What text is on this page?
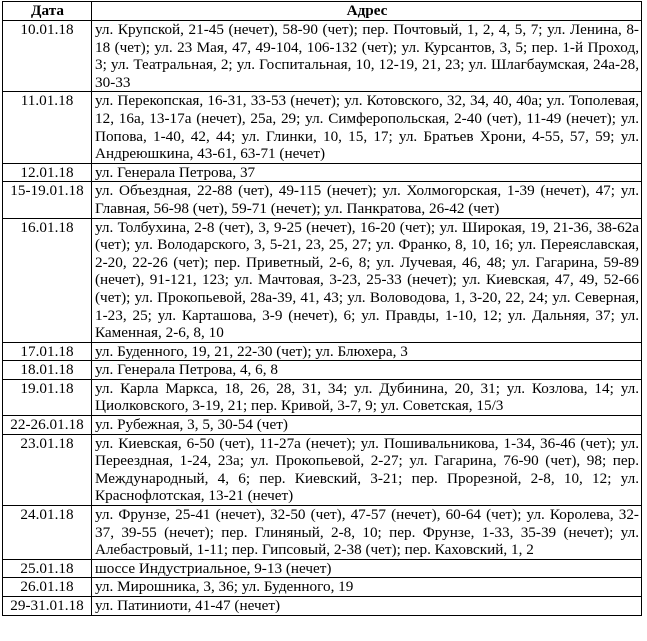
Дата	Адрес
10.01.18	ул. Крупской, 21-45 (нечет), 58-90 (чет); пер. Почтовый, 1, 2, 4, 5, 7; ул. Ленина, 8-18 (чет); ул. 23 Мая, 47, 49-104, 106-132 (чет); ул. Курсантов, 3, 5; пер. 1-й Проход, 3; ул. Театральная, 2; ул. Госпитальная, 10, 12-19, 21, 23; ул. Шлагбаумская, 24а-28, 30-33
11.01.18	ул. Перекопская, 16-31, 33-53 (нечет); ул. Котовского, 32, 34, 40, 40а; ул. Тополевая, 12, 16а, 13-17а (нечет), 25а, 29; ул. Симферопольская, 2-40 (чет), 11-49 (нечет); ул. Попова, 1-40, 42, 44; ул. Глинки, 10, 15, 17; ул. Братьев Хрони, 4-55, 57, 59; ул. Андреюшкина, 43-61, 63-71 (нечет)
12.01.18	ул. Генерала Петрова, 37
15-19.01.18	ул. Объездная, 22-88 (чет), 49-115 (нечет); ул. Холмогорская, 1-39 (нечет), 47; ул. Главная, 56-98 (чет), 59-71 (нечет); ул. Панкратова, 26-42 (чет)
16.01.18	ул. Толбухина, 2-8 (чет), 3, 9-25 (нечет), 16-20 (чет); ул. Широкая, 19, 21-36, 38-62а (чет); ул. Володарского, 3, 5-21, 23, 25, 27; ул. Франко, 8, 10, 16; ул. Переяславская, 2-20, 22-26 (чет); пер. Приветный, 2-6, 8; ул. Лучевая, 46, 48; ул. Гагарина, 59-89 (нечет), 91-121, 123; ул. Мачтовая, 3-23, 25-33 (нечет); ул. Киевская, 47, 49, 52-66 (чет); ул. Прокопьевой, 28а-39, 41, 43; ул. Воловодова, 1, 3-20, 22, 24; ул. Северная, 1-23, 25; ул. Карташова, 3-9 (нечет), 6; ул. Правды, 1-10, 12; ул. Дальняя, 37; ул. Каменная, 2-6, 8, 10
17.01.18	ул. Буденного, 19, 21, 22-30 (чет); ул. Блюхера, 3
18.01.18	ул. Генерала Петрова, 4, 6, 8
19.01.18	ул. Карла Маркса, 18, 26, 28, 31, 34; ул. Дубинина, 20, 31; ул. Козлова, 14; ул. Циолковского, 3-19, 21; пер. Кривой, 3-7, 9; ул. Советская, 15/3
22-26.01.18	ул. Рубежная, 3, 5, 30-54 (чет)
23.01.18	ул. Киевская, 6-50 (чет), 11-27а (нечет); ул. Пошивальникова, 1-34, 36-46 (чет); ул. Переездная, 1-24, 23а; ул. Прокопьевой, 2-27; ул. Гагарина, 76-90 (чет), 98; пер. Международный, 4, 6; пер. Киевский, 3-21; пер. Прорезной, 2-8, 10, 12; ул. Краснофлотская, 13-21 (нечет)
24.01.18	ул. Фрунзе, 25-41 (нечет), 32-50 (чет), 47-57 (нечет), 60-64 (чет); ул. Королева, 32-37, 39-55 (нечет); пер. Глиняный, 2-8, 10; пер. Фрунзе, 1-33, 35-39 (нечет); ул. Алебастровый, 1-11; пер. Гипсовый, 2-38 (чет); пер. Каховский, 1, 2
25.01.18	шоссе Индустриальное, 9-13 (нечет)
26.01.18	ул. Мирошника, 3, 36; ул. Буденного, 19
29-31.01.18	ул. Патиниоти, 41-47 (нечет)
